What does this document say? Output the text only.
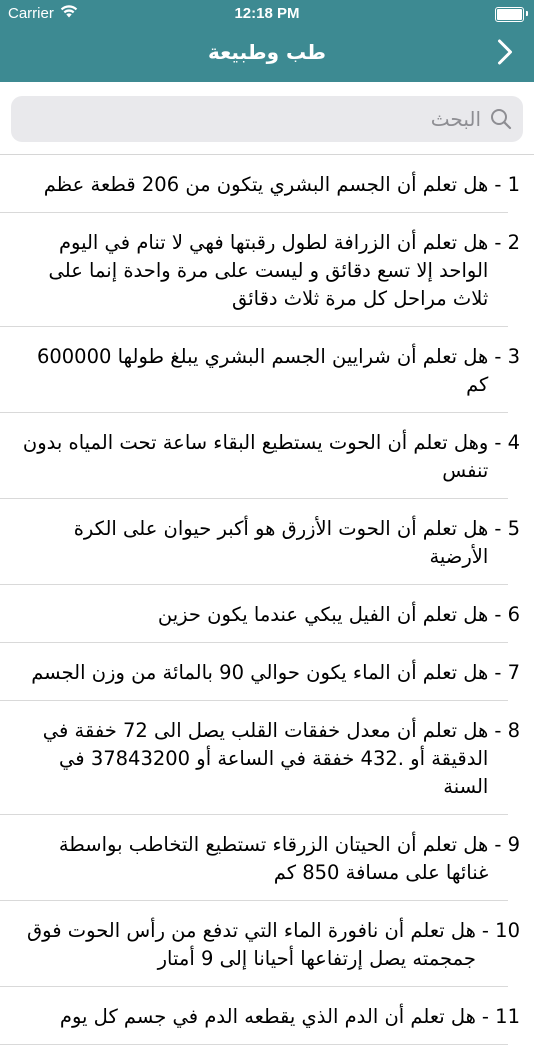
Carrier	12:18 PM
طب وطبيعة
البحث
1 -
هل تعلم أن الجسم البشري يتكون من 206 قطعة عظم
2 -
هل تعلم أن الزرافة لطول رقبتها فهي لا تنام في اليوم الواحد إلا تسع دقائق و ليست على مرة واحدة إنما على ثلاث مراحل كل مرة ثلاث دقائق
3 -
هل تعلم أن شرايين الجسم البشري يبلغ طولها 600000 كم
4 -
وهل تعلم أن الحوت يستطيع البقاء ساعة تحت المياه بدون تنفس
5 -
هل تعلم أن الحوت الأزرق هو أكبر حيوان على الكرة الأرضية
6 -
هل تعلم أن الفيل يبكي عندما يكون حزين
7 -
هل تعلم أن الماء يكون حوالي 90 بالمائة من وزن الجسم
8 -
هل تعلم أن معدل خفقات القلب يصل الى 72 خفقة في الدقيقة أو .432 خفقة في الساعة أو 37843200 في السنة
9 -
هل تعلم أن الحيتان الزرقاء تستطيع التخاطب بواسطة غنائها على مسافة 850 كم
10 -
هل تعلم أن نافورة الماء التي تدفع من رأس الحوت فوق جمجمته يصل إرتفاعها أحيانا إلى 9 أمتار
11 -
هل تعلم أن الدم الذي يقطعه الدم في جسم كل يوم
